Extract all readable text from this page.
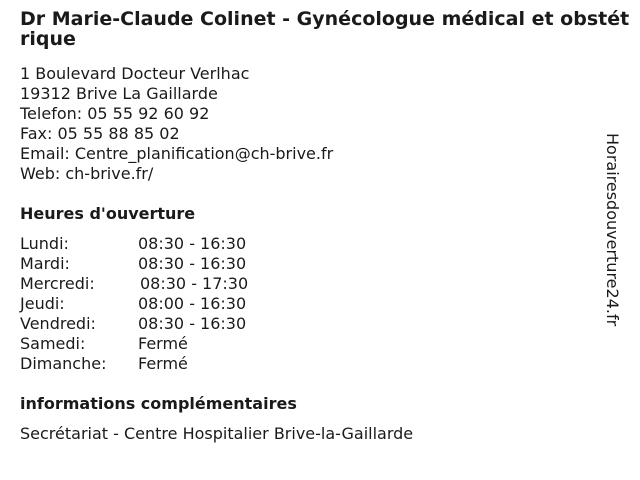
Dr Marie-Claude Colinet - Gynécologue médical et obstétrique
1 Boulevard Docteur Verlhac
19312 Brive La Gaillarde
Telefon: 05 55 92 60 92
Fax: 05 55 88 85 02
Email: Centre_planification@ch-brive.fr
Web: ch-brive.fr/
Heures d'ouverture
Lundi:	08:30 - 16:30
Mardi:	08:30 - 16:30
Mercredi:	08:30 - 17:30
Jeudi:	08:00 - 16:30
Vendredi:	08:30 - 16:30
Samedi:	Fermé
Dimanche:	Fermé
informations complémentaires
Secrétariat - Centre Hospitalier Brive-la-Gaillarde
Horairesdouverture24.fr
